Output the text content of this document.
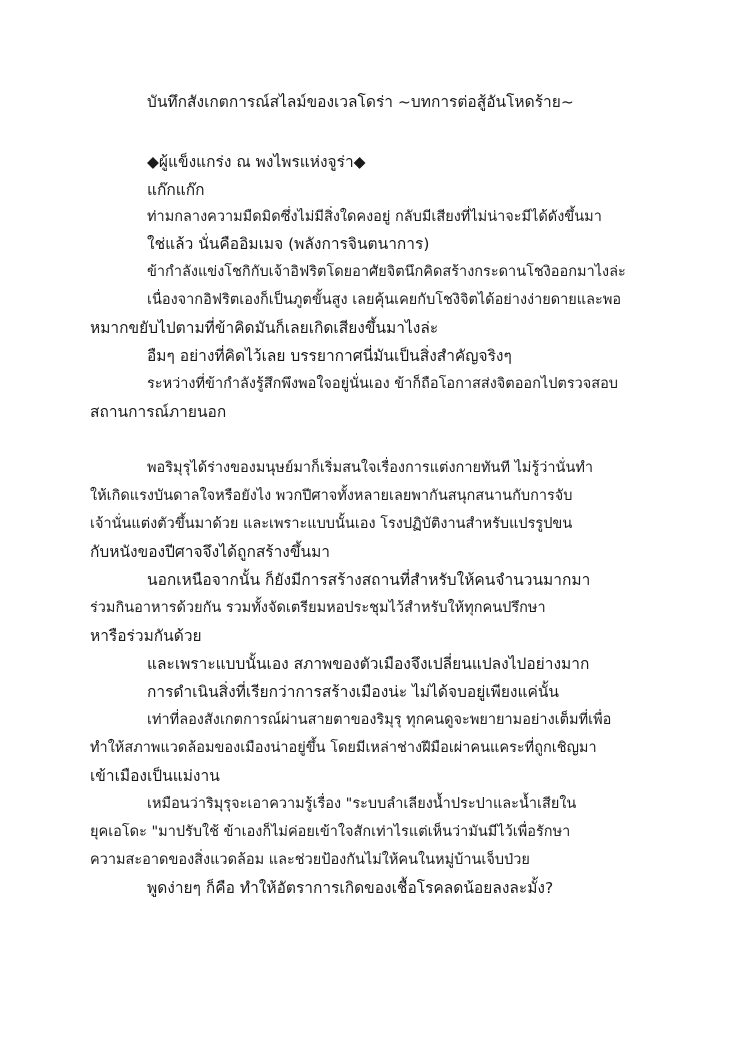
บันทึกสังเกตการณ์สไลม์ของเวลโดร่า ~บทการต่อสู้อันโหดร้าย~
◆ผู้แข็งแกร่ง ณ พงไพรแห่งจูร่า◆
แก๊กแก๊ก
ท่ามกลางความมืดมิดซึ่งไม่มีสิ่งใดคงอยู่ กลับมีเสียงที่ไม่น่าจะมีได้ดังขึ้นมา
ใช่แล้ว นั่นคืออิมเมจ (พลังการจินตนาการ)
ข้ากำลังแข่งโชกิกับเจ้าอิฟริตโดยอาศัยจิตนึกคิดสร้างกระดานโชงิออกมาไงล่ะ
เนื่องจากอิฟริตเองก็เป็นภูตขั้นสูง เลยคุ้นเคยกับโชงิจิตได้อย่างง่ายดายและพอ
หมากขยับไปตามที่ข้าคิดมันก็เลยเกิดเสียงขึ้นมาไงล่ะ
อืมๆ อย่างที่คิดไว้เลย บรรยากาศนี่มันเป็นสิ่งสำคัญจริงๆ
ระหว่างที่ข้ากำลังรู้สึกพึงพอใจอยู่นั่นเอง ข้าก็ถือโอกาสส่งจิตออกไปตรวจสอบ
สถานการณ์ภายนอก
พอริมุรุได้ร่างของมนุษย์มาก็เริ่มสนใจเรื่องการแต่งกายทันที ไม่รู้ว่านั่นทำ
ให้เกิดแรงบันดาลใจหรือยังไง พวกปีศาจทั้งหลายเลยพากันสนุกสนานกับการจับ
เจ้านั่นแต่งตัวขึ้นมาด้วย และเพราะแบบนั้นเอง โรงปฏิบัติงานสำหรับแปรรูปขน
กับหนังของปีศาจจึงได้ถูกสร้างขึ้นมา
นอกเหนือจากนั้น ก็ยังมีการสร้างสถานที่สำหรับให้คนจำนวนมากมา
ร่วมกินอาหารด้วยกัน รวมทั้งจัดเตรียมหอประชุมไว้สำหรับให้ทุกคนปรึกษา
หารือร่วมกันด้วย
และเพราะแบบนั้นเอง สภาพของตัวเมืองจึงเปลี่ยนแปลงไปอย่างมาก
การดำเนินสิ่งที่เรียกว่าการสร้างเมืองน่ะ ไม่ได้จบอยู่เพียงแค่นั้น
เท่าที่ลองสังเกตการณ์ผ่านสายตาของริมุรุ ทุกคนดูจะพยายามอย่างเต็มที่เพื่อ
ทำให้สภาพแวดล้อมของเมืองน่าอยู่ขึ้น โดยมีเหล่าช่างฝีมือเผ่าคนแคระที่ถูกเชิญมา
เข้าเมืองเป็นแม่งาน
เหมือนว่าริมุรุจะเอาความรู้เรื่อง "ระบบลำเลียงน้ำประปาและน้ำเสียใน
ยุคเอโดะ "มาปรับใช้ ข้าเองก็ไม่ค่อยเข้าใจสักเท่าไรแต่เห็นว่ามันมีไว้เพื่อรักษา
ความสะอาดของสิ่งแวดล้อม และช่วยป้องกันไม่ให้คนในหมู่บ้านเจ็บป่วย
พูดง่ายๆ ก็คือ ทำให้อัตราการเกิดของเชื้อโรคลดน้อยลงละมั้ง?
